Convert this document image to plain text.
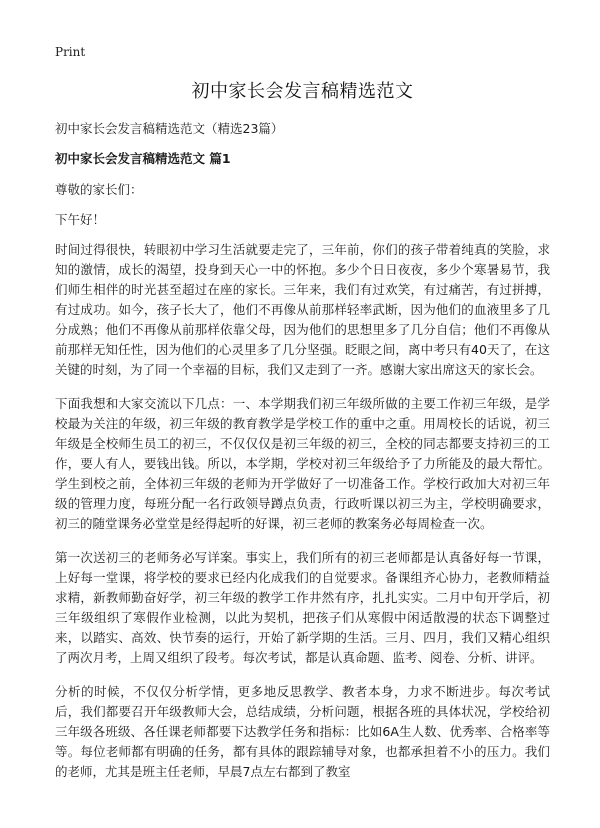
Print
初中家长会发言稿精选范文
初中家长会发言稿精选范文（精选23篇）
初中家长会发言稿精选范文 篇1

尊敬的家长们：

下午好！

时间过得很快，转眼初中学习生活就要走完了，三年前，你们的孩子带着纯真的笑脸，求知的激情，成长的渴望，投身到天心一中的怀抱。多少个日日夜夜，多少个寒暑易节，我们师生相伴的时光甚至超过在座的家长。三年来，我们有过欢笑，有过痛苦，有过拼搏，有过成功。如今，孩子长大了，他们不再像从前那样轻率武断，因为他们的血液里多了几分成熟；他们不再像从前那样依靠父母，因为他们的思想里多了几分自信；他们不再像从前那样无知任性，因为他们的心灵里多了几分坚强。眨眼之间，离中考只有40天了，在这关键的时刻，为了同一个幸福的目标，我们又走到了一齐。感谢大家出席这天的家长会。

下面我想和大家交流以下几点：一、本学期我们初三年级所做的主要工作初三年级，是学校最为关注的年级，初三年级的教育教学是学校工作的重中之重。用周校长的话说，初三年级是全校师生员工的初三，不仅仅仅是初三年级的初三，全校的同志都要支持初三的工作，要人有人，要钱出钱。所以，本学期，学校对初三年级给予了力所能及的最大帮忙。学生到校之前，全体初三年级的老师为开学做好了一切准备工作。学校行政加大对初三年级的管理力度，每班分配一名行政领导蹲点负责，行政听课以初三为主，学校明确要求，初三的随堂课务必堂堂是经得起听的好课，初三老师的教案务必每周检查一次。

第一次送初三的老师务必写详案。事实上，我们所有的初三老师都是认真备好每一节课，上好每一堂课，将学校的要求已经内化成我们的自觉要求。备课组齐心协力，老教师精益求精，新教师勤奋好学，初三年级的教学工作井然有序，扎扎实实。二月中旬开学后，初三年级组织了寒假作业检测，以此为契机，把孩子们从寒假中闲适散漫的状态下调整过来，以踏实、高效、快节奏的运行，开始了新学期的生活。三月、四月，我们又精心组织了两次月考，上周又组织了段考。每次考试，都是认真命题、监考、阅卷、分析、讲评。

分析的时候，不仅仅分析学情，更多地反思教学、教者本身，力求不断进步。每次考试后，我们都要召开年级教师大会，总结成绩，分析问题，根据各班的具体状况，学校给初三年级各班级、各任课老师都要下达教学任务和指标：比如6A生人数、优秀率、合格率等等。每位老师都有明确的任务，都有具体的跟踪辅导对象，也都承担着不小的压力。我们的老师，尤其是班主任老师，早晨7点左右都到了教室
